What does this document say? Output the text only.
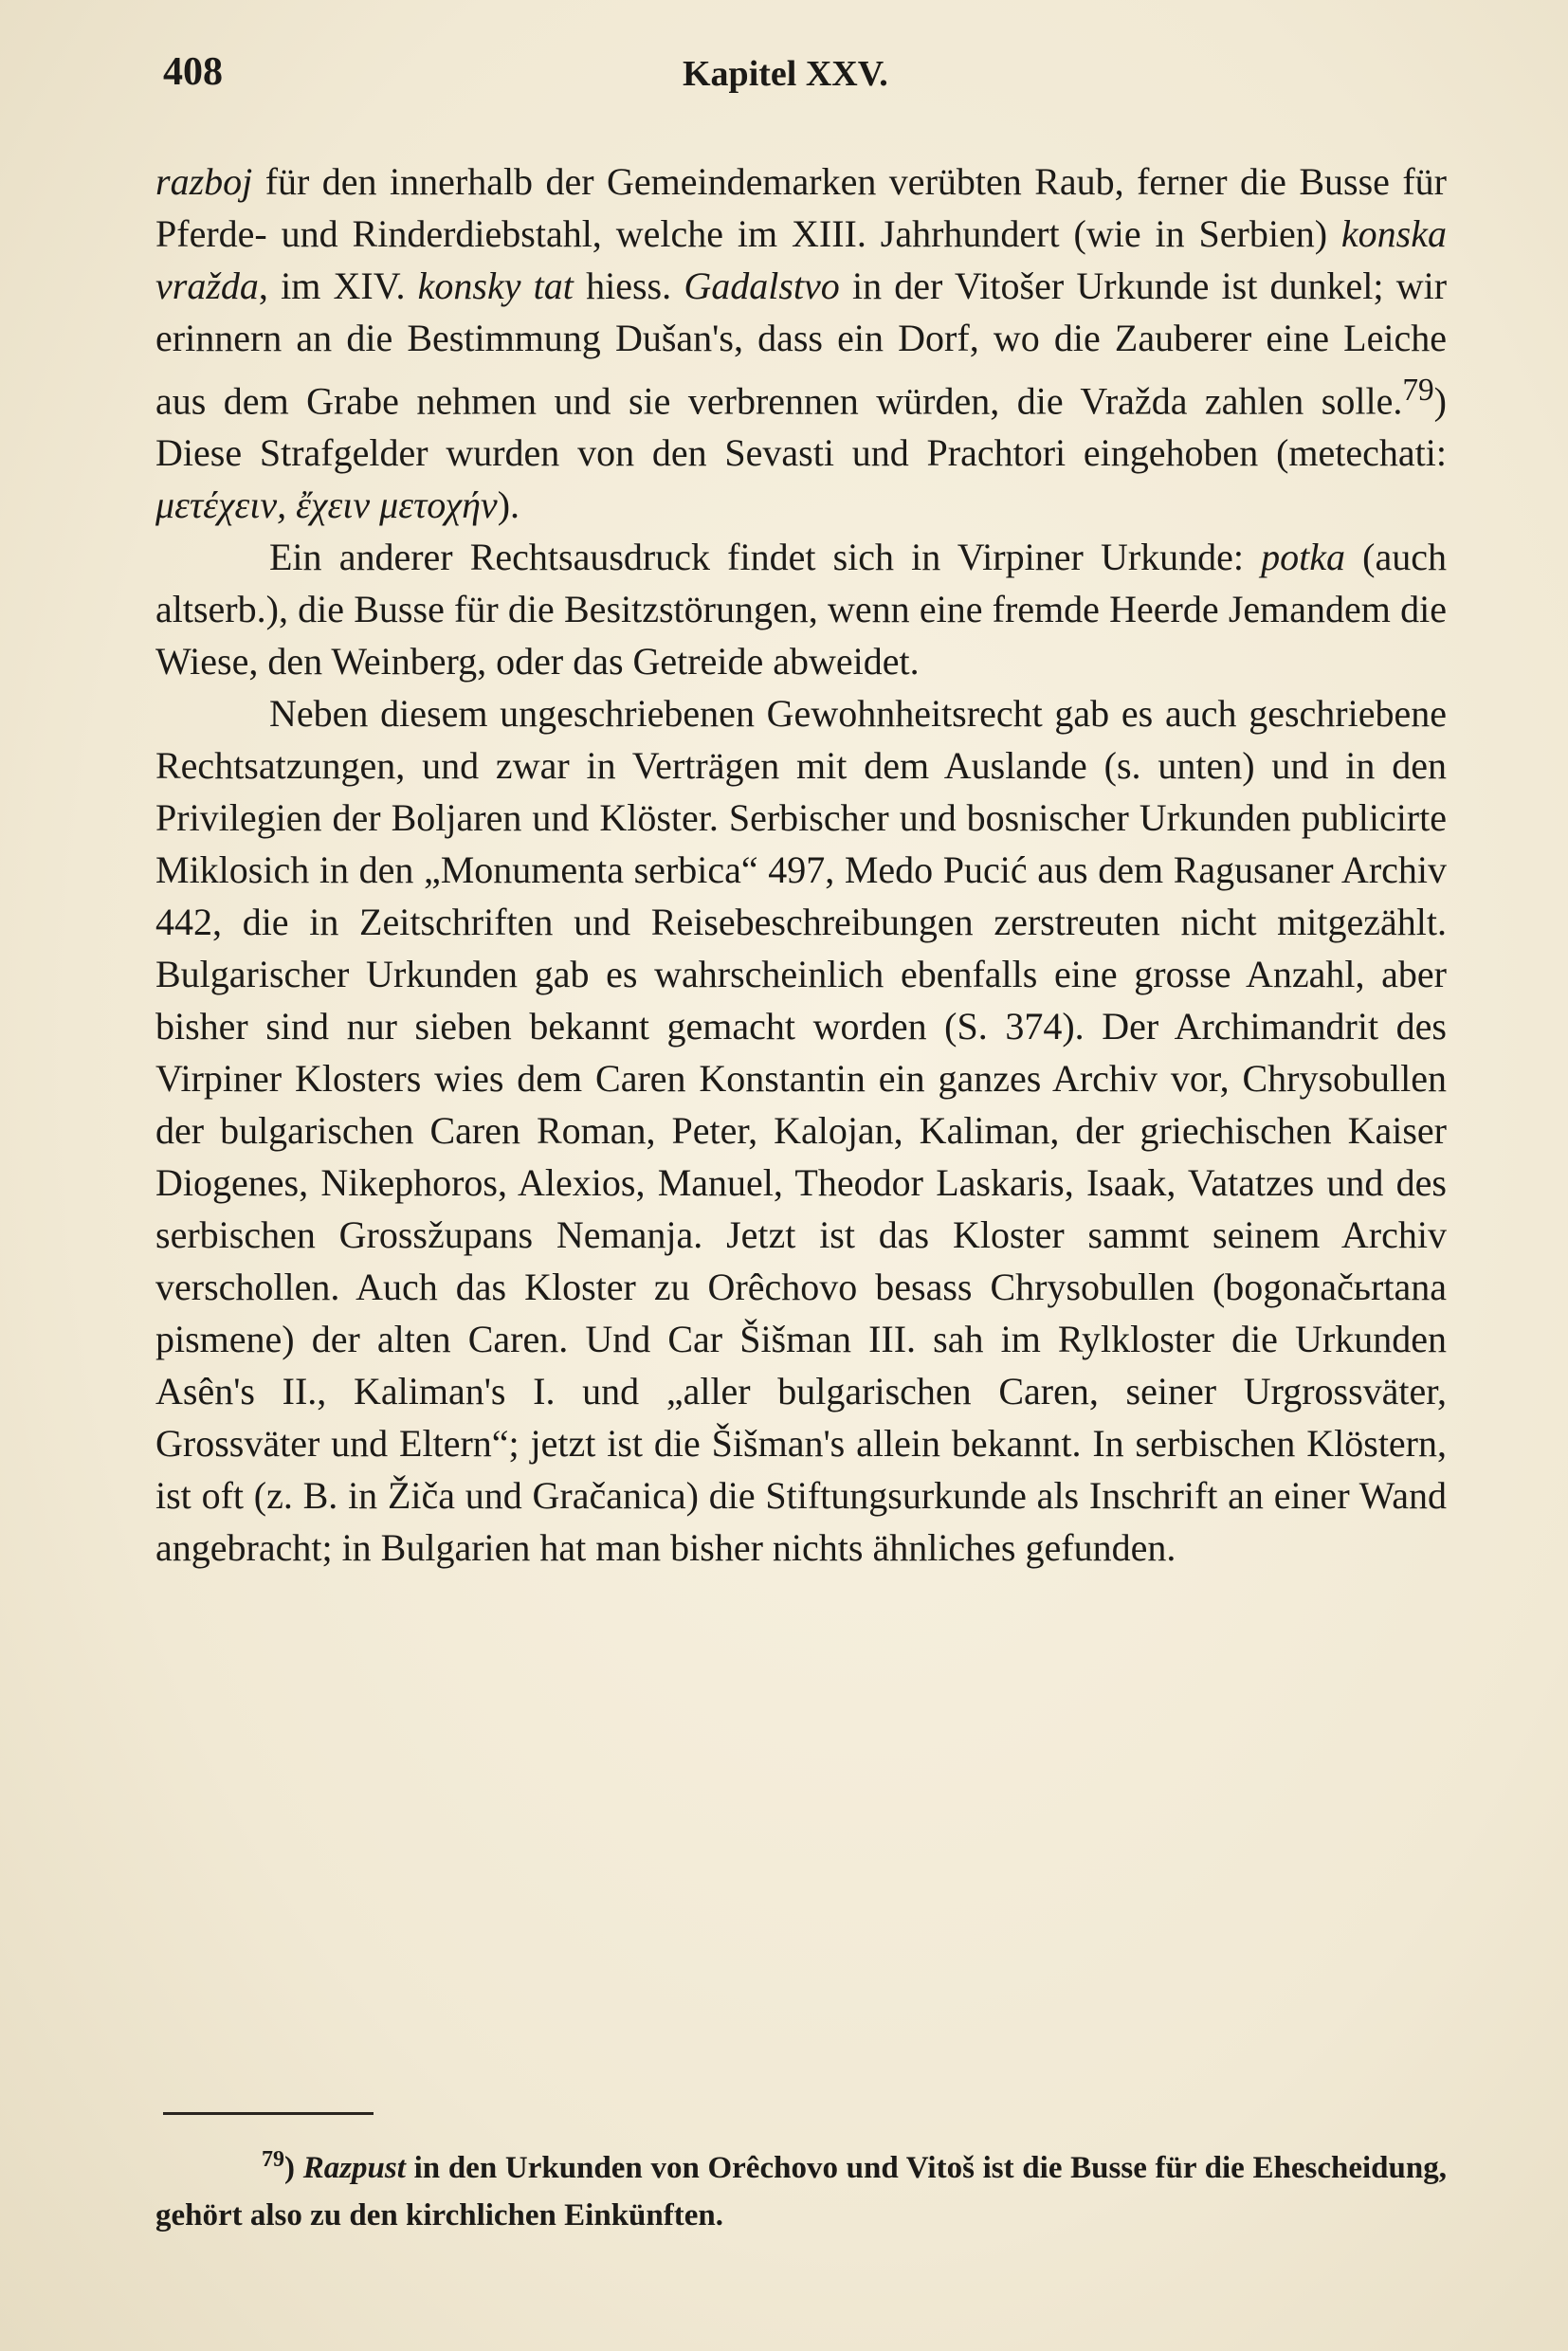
408	Kapitel XXV.

razboj für den innerhalb der Gemeindemarken verübten Raub, ferner die Busse für Pferde- und Rinderdiebstahl, welche im XIII. Jahrhundert (wie in Serbien) konska vražda, im XIV. konsky tat hiess. Gadalstvo in der Vitošer Urkunde ist dunkel; wir erinnern an die Bestimmung Dušan's, dass ein Dorf, wo die Zauberer eine Leiche aus dem Grabe nehmen und sie verbrennen würden, die Vražda zahlen solle.$^{79}$) Diese Strafgelder wurden von den Sevasti und Prachtori eingehoben (metechati: μετέχειν, ἔχειν μετοχήν).

Ein anderer Rechtsausdruck findet sich in Virpiner Urkunde: potka (auch altserb.), die Busse für die Besitzstörungen, wenn eine fremde Heerde Jemandem die Wiese, den Weinberg, oder das Getreide abweidet.

Neben diesem ungeschriebenen Gewohnheitsrecht gab es auch geschriebene Rechtsatzungen, und zwar in Verträgen mit dem Auslande (s. unten) und in den Privilegien der Boljaren und Klöster. Serbischer und bosnischer Urkunden publicirte Miklosich in den „Monumenta serbica“ 497, Medo Pucić aus dem Ragusaner Archiv 442, die in Zeitschriften und Reisebeschreibungen zerstreuten nicht mitgezählt. Bulgarischer Urkunden gab es wahrscheinlich ebenfalls eine grosse Anzahl, aber bisher sind nur sieben bekannt gemacht worden (S. 374). Der Archimandrit des Virpiner Klosters wies dem Caren Konstantin ein ganzes Archiv vor, Chrysobullen der bulgarischen Caren Roman, Peter, Kalojan, Kaliman, der griechischen Kaiser Diogenes, Nikephoros, Alexios, Manuel, Theodor Laskaris, Isaak, Vatatzes und des serbischen Grossžupans Nemanja. Jetzt ist das Kloster sammt seinem Archiv verschollen. Auch das Kloster zu Orêchovo besass Chrysobullen (bogonačьrtana pismene) der alten Caren. Und Car Šišman III. sah im Rylkloster die Urkunden Asên's II., Kaliman's I. und „aller bulgarischen Caren, seiner Urgrossväter, Grossväter und Eltern“; jetzt ist die Šišman's allein bekannt. In serbischen Klöstern, ist oft (z. B. in Žiča und Gračanica) die Stiftungsurkunde als Inschrift an einer Wand angebracht; in Bulgarien hat man bisher nichts ähnliches gefunden.

$^{79}$) Razpust in den Urkunden von Orêchovo und Vitoš ist die Busse für die Ehescheidung, gehört also zu den kirchlichen Einkünften.
